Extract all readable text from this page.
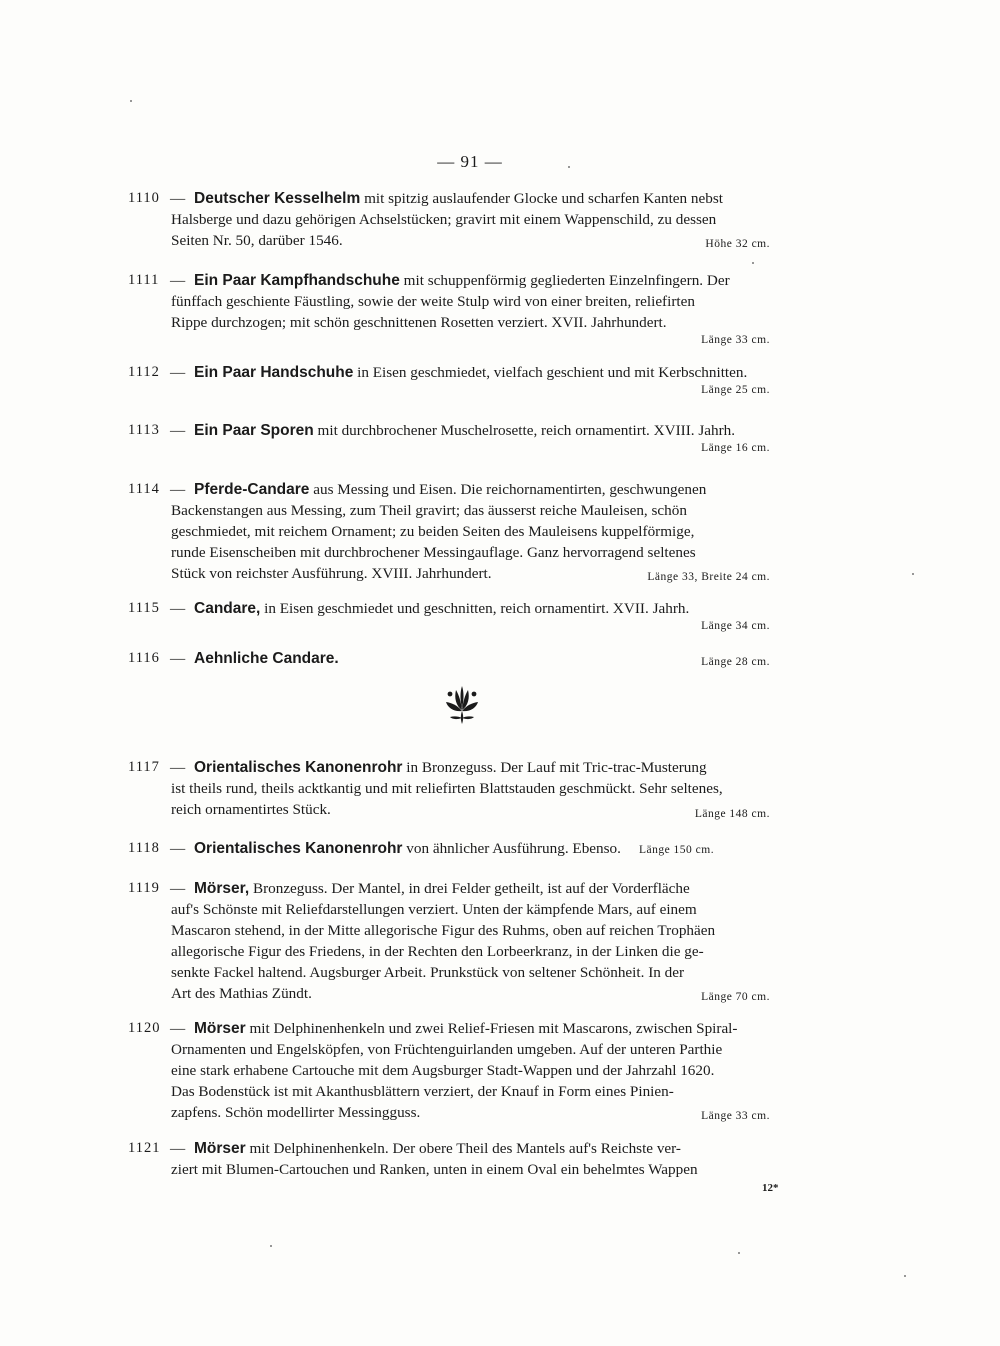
— 91 —
1110 — Deutscher Kesselhelm mit spitzig auslaufender Glocke und scharfen Kanten nebst
Halsberge und dazu gehörigen Achselstücken; gravirt mit einem Wappenschild, zu dessen
Seiten Nr. 50, darüber 1546.	Höhe 32 cm.
1111 — Ein Paar Kampfhandschuhe mit schuppenförmig gegliederten Einzelnfingern. Der
fünffach geschiente Fäustling, sowie der weite Stulp wird von einer breiten, reliefirten
Rippe durchzogen; mit schön geschnittenen Rosetten verziert. XVII. Jahrhundert.
Länge 33 cm.
1112 — Ein Paar Handschuhe in Eisen geschmiedet, vielfach geschient und mit Kerbschnitten.
Länge 25 cm.
1113 — Ein Paar Sporen mit durchbrochener Muschelrosette, reich ornamentirt. XVIII. Jahrh.
Länge 16 cm.
1114 — Pferde-Candare aus Messing und Eisen. Die reichornamentirten, geschwungenen
Backenstangen aus Messing, zum Theil gravirt; das äusserst reiche Mauleisen, schön
geschmiedet, mit reichem Ornament; zu beiden Seiten des Mauleisens kuppelförmige,
runde Eisenscheiben mit durchbrochener Messingauflage. Ganz hervorragend seltenes
Stück von reichster Ausführung. XVIII. Jahrhundert.	Länge 33, Breite 24 cm.
1115 — Candare, in Eisen geschmiedet und geschnitten, reich ornamentirt. XVII. Jahrh.
Länge 34 cm.
1116 — Aehnliche Candare.	Länge 28 cm.
1117 — Orientalisches Kanonenrohr in Bronzeguss. Der Lauf mit Tric-trac-Musterung
ist theils rund, theils acktkantig und mit reliefirten Blattstauden geschmückt. Sehr seltenes,
reich ornamentirtes Stück.	Länge 148 cm.
1118 — Orientalisches Kanonenrohr von ähnlicher Ausführung. Ebenso. Länge 150 cm.
1119 — Mörser, Bronzeguss. Der Mantel, in drei Felder getheilt, ist auf der Vorderfläche
auf's Schönste mit Reliefdarstellungen verziert. Unten der kämpfende Mars, auf einem
Mascaron stehend, in der Mitte allegorische Figur des Ruhms, oben auf reichen Trophäen
allegorische Figur des Friedens, in der Rechten den Lorbeerkranz, in der Linken die ge-
senkte Fackel haltend. Augsburger Arbeit. Prunkstück von seltener Schönheit. In der
Art des Mathias Zündt.	Länge 70 cm.
1120 — Mörser mit Delphinenhenkeln und zwei Relief-Friesen mit Mascarons, zwischen Spiral-
Ornamenten und Engelsköpfen, von Früchtenguirlanden umgeben. Auf der unteren Parthie
eine stark erhabene Cartouche mit dem Augsburger Stadt-Wappen und der Jahrzahl 1620.
Das Bodenstück ist mit Akanthusblättern verziert, der Knauf in Form eines Pinien-
zapfens. Schön modellirter Messingguss.	Länge 33 cm.
1121 — Mörser mit Delphinenhenkeln. Der obere Theil des Mantels auf's Reichste ver-
ziert mit Blumen-Cartouchen und Ranken, unten in einem Oval ein behelmtes Wappen
12*
